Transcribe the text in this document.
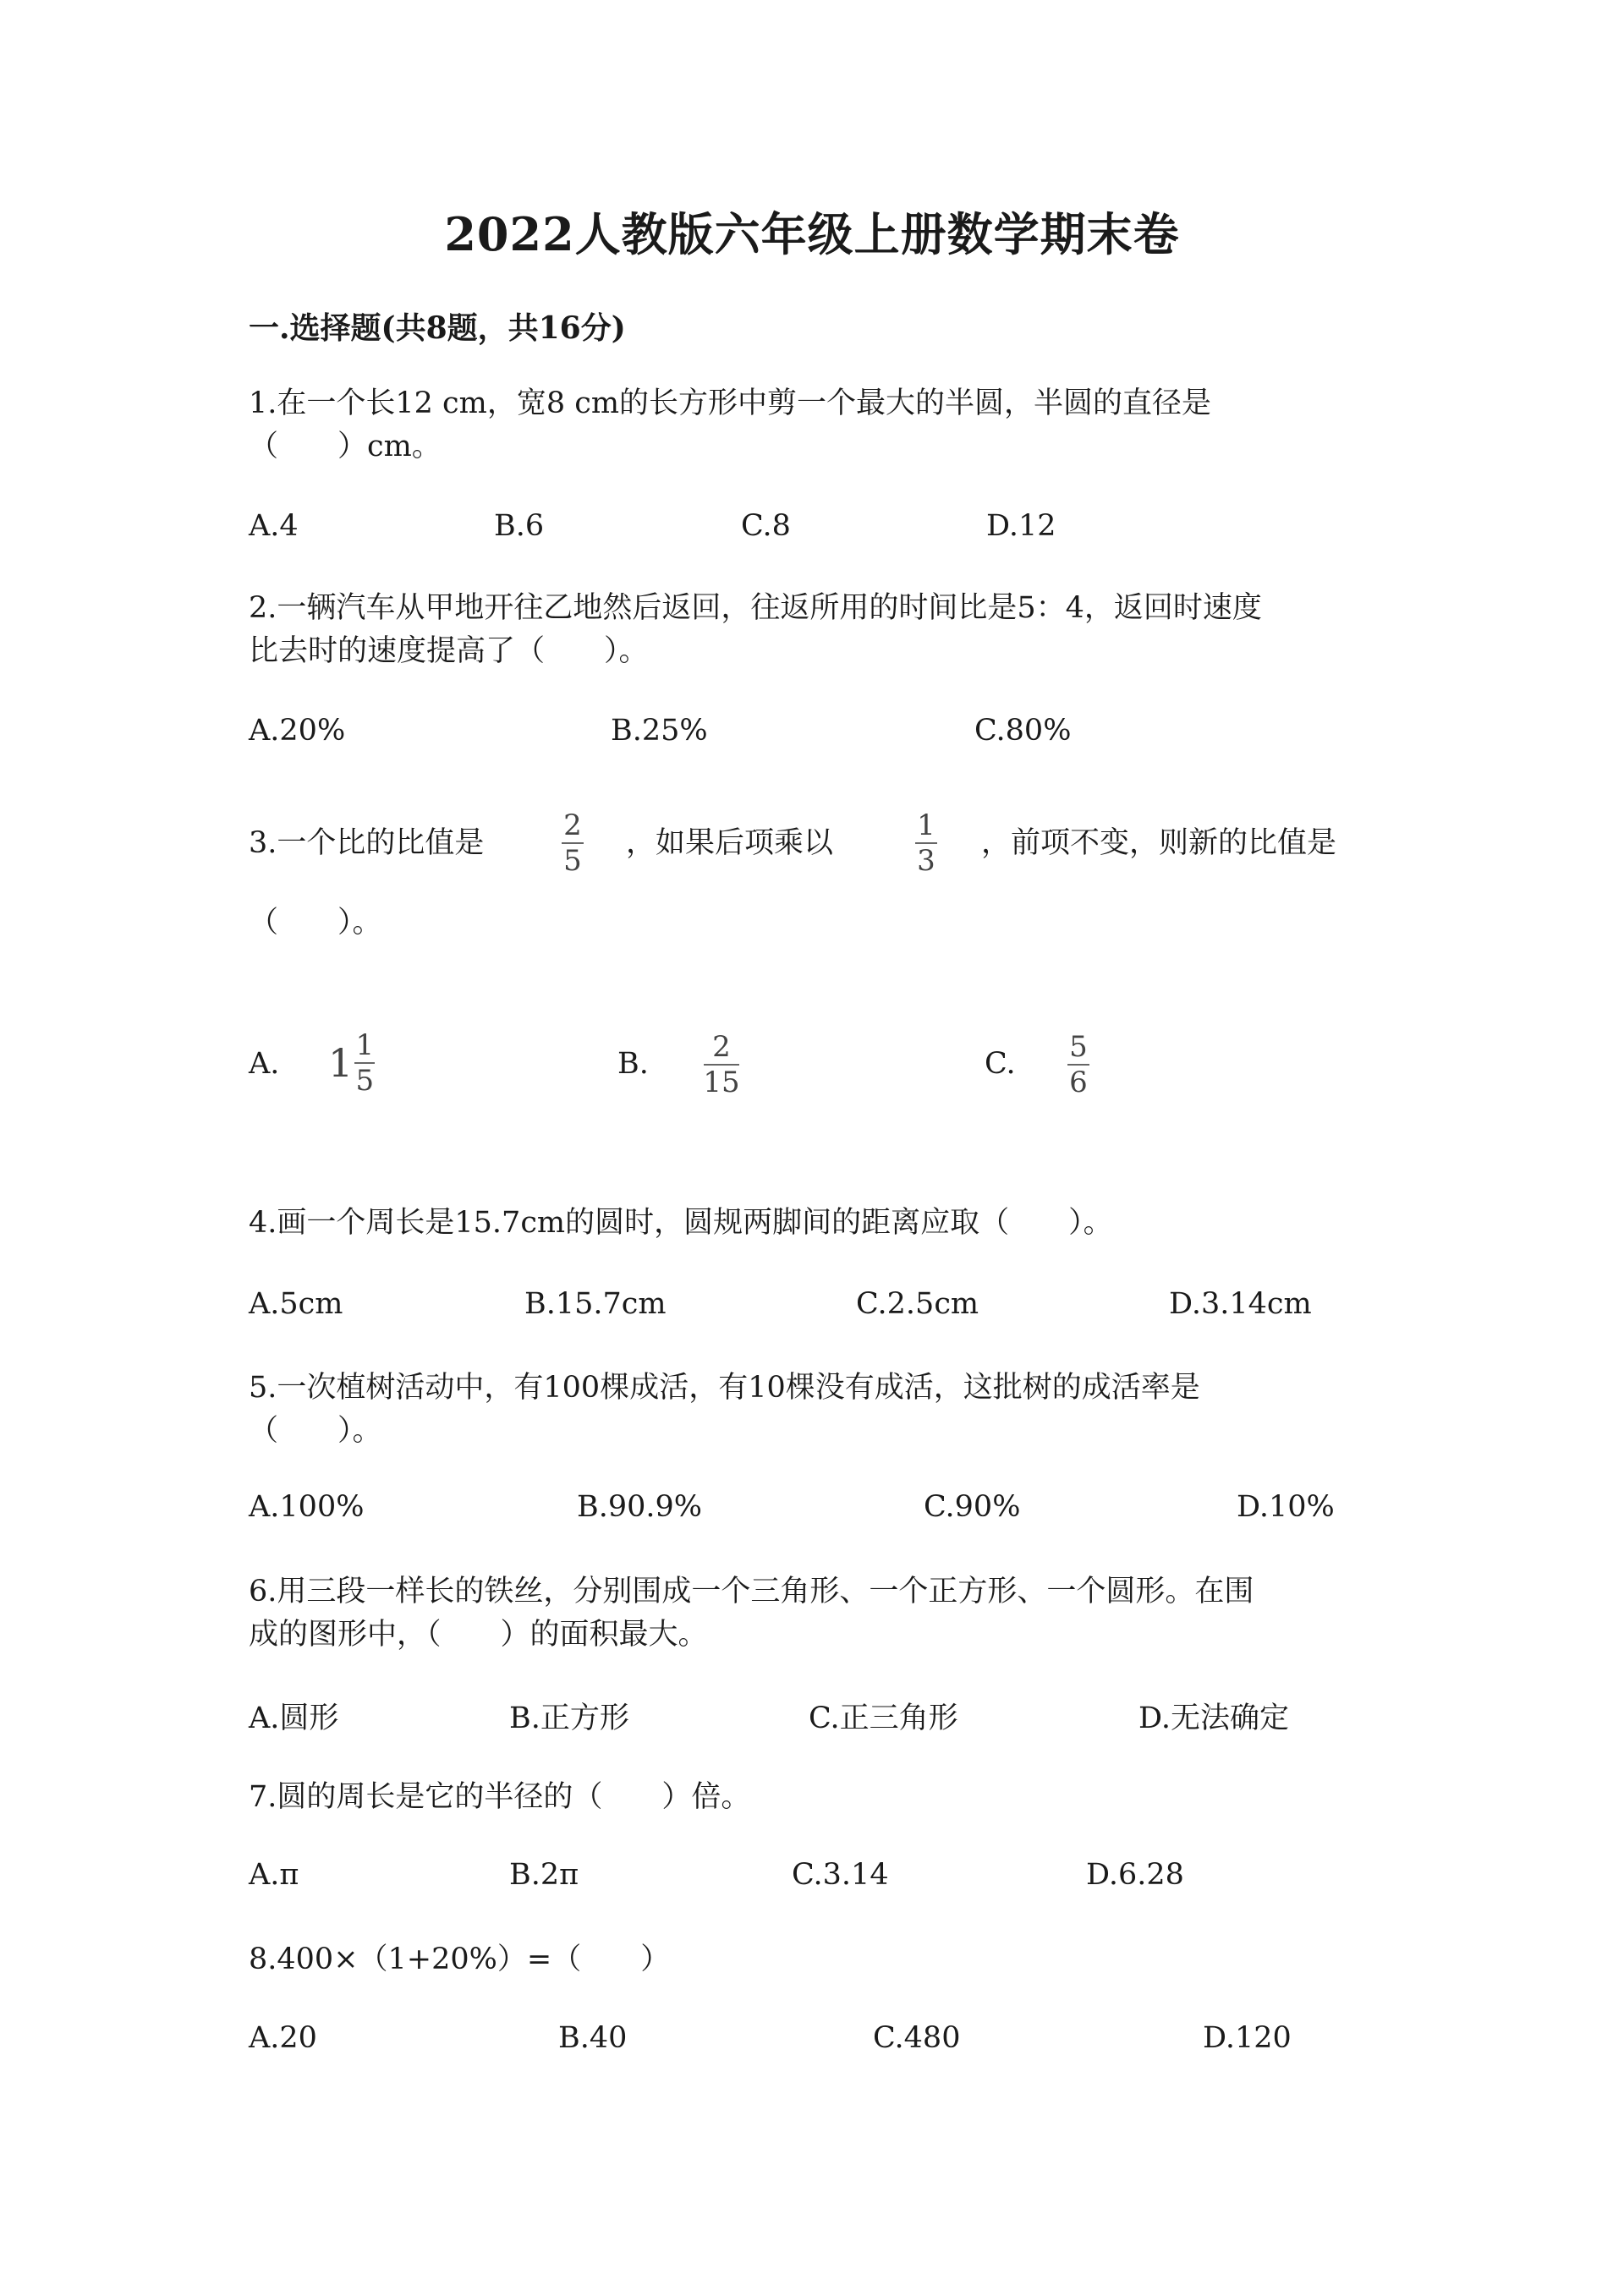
2022人教版六年级上册数学期末卷
一.选择题(共8题，共16分)
1.在一个长12 cm，宽8 cm的长方形中剪一个最大的半圆，半圆的直径是
（　　）cm。
A.4	B.6	C.8	D.12
2.一辆汽车从甲地开往乙地然后返回，往返所用的时间比是5：4，返回时速度
比去时的速度提高了（　　）。
A.20%	B.25%	C.80%
3.一个比的比值是
2
5
，如果后项乘以
1
3
，前项不变，则新的比值是
（　　）。
A. $1 \frac{1}{5}$	B. 2
15
C. 5
6
4.画一个周长是15.7cm的圆时，圆规两脚间的距离应取（　　）。
A.5cm	B.15.7cm	C.2.5cm	D.3.14cm
5.一次植树活动中，有100棵成活，有10棵没有成活，这批树的成活率是
（　　）。
A.100%	B.90.9%	C.90%	D.10%
6.用三段一样长的铁丝，分别围成一个三角形、一个正方形、一个圆形。在围
成的图形中，（　　）的面积最大。
A.圆形	B.正方形	C.正三角形	D.无法确定
7.圆的周长是它的半径的（　　）倍。
A.π	B.2π	C.3.14	D.6.28
8.400×（1+20%）=（　　）
A.20	B.40	C.480	D.120
